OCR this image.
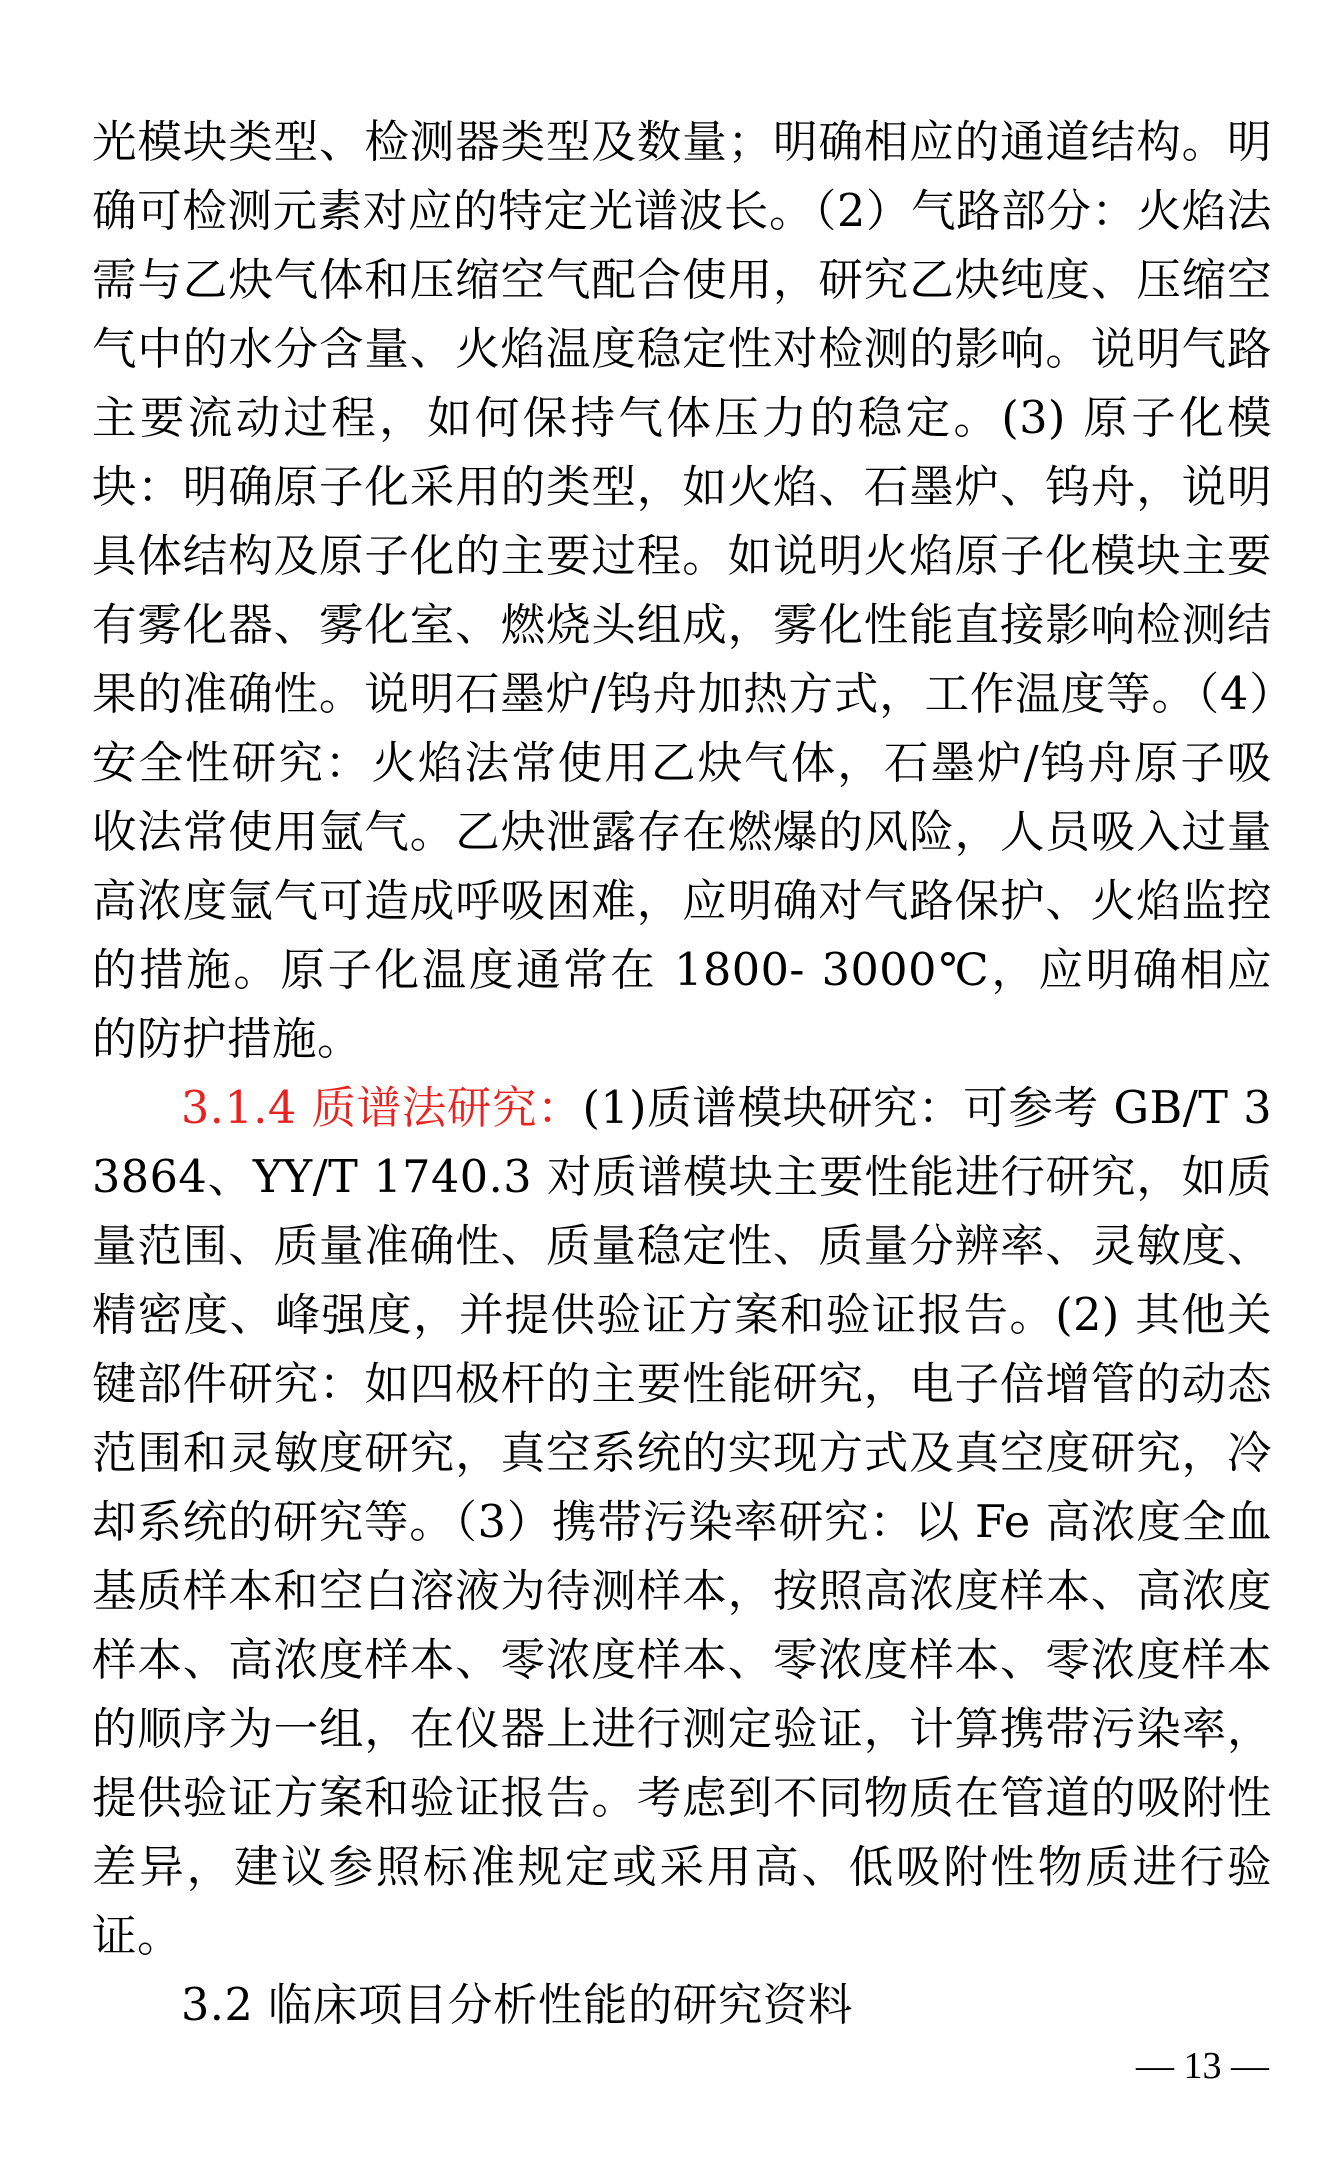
光模块类型、检测器类型及数量；明确相应的通道结构。明确可检测元素对应的特定光谱波长。（2）气路部分：火焰法需与乙炔气体和压缩空气配合使用，研究乙炔纯度、压缩空气中的水分含量、火焰温度稳定性对检测的影响。说明气路主要流动过程，如何保持气体压力的稳定。(3) 原子化模块：明确原子化采用的类型，如火焰、石墨炉、钨舟，说明具体结构及原子化的主要过程。如说明火焰原子化模块主要有雾化器、雾化室、燃烧头组成，雾化性能直接影响检测结果的准确性。说明石墨炉/钨舟加热方式，工作温度等。（4）安全性研究：火焰法常使用乙炔气体，石墨炉/钨舟原子吸收法常使用氩气。乙炔泄露存在燃爆的风险，人员吸入过量高浓度氩气可造成呼吸困难，应明确对气路保护、火焰监控的措施。原子化温度通常在 1800- 3000℃，应明确相应的防护措施。

3.1.4 质谱法研究：(1)质谱模块研究：可参考 GB/T 33864、YY/T 1740.3 对质谱模块主要性能进行研究，如质量范围、质量准确性、质量稳定性、质量分辨率、灵敏度、精密度、峰强度，并提供验证方案和验证报告。(2) 其他关键部件研究：如四极杆的主要性能研究，电子倍增管的动态范围和灵敏度研究，真空系统的实现方式及真空度研究，冷却系统的研究等。（3）携带污染率研究：以 Fe 高浓度全血基质样本和空白溶液为待测样本，按照高浓度样本、高浓度样本、高浓度样本、零浓度样本、零浓度样本、零浓度样本的顺序为一组，在仪器上进行测定验证，计算携带污染率，提供验证方案和验证报告。考虑到不同物质在管道的吸附性差异，建议参照标准规定或采用高、低吸附性物质进行验证。

3.2 临床项目分析性能的研究资料

— 13 —
